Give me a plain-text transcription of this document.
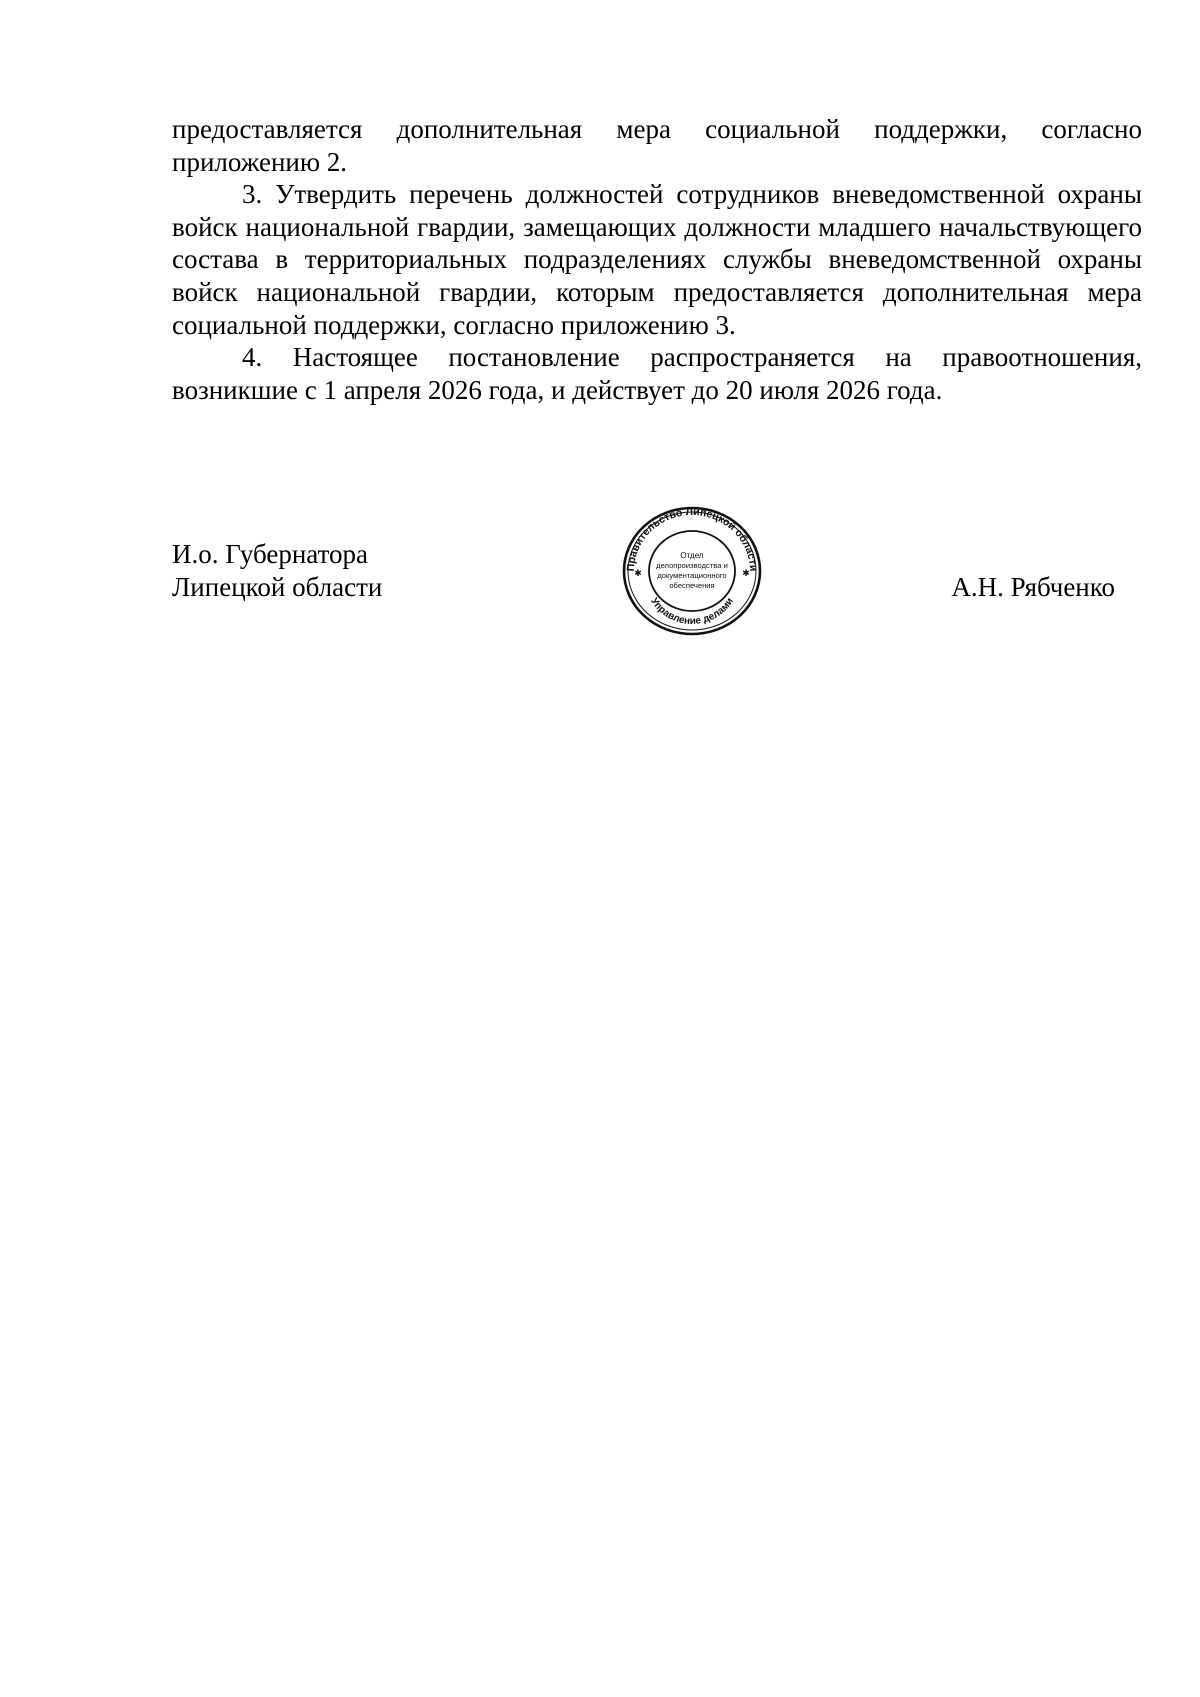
предоставляется дополнительная мера социальной поддержки, согласно приложению 2.

3. Утвердить перечень должностей сотрудников вневедомственной охраны войск национальной гвардии, замещающих должности младшего начальствующего состава в территориальных подразделениях службы вневедомственной охраны войск национальной гвардии, которым предоставляется дополнительная мера социальной поддержки, согласно приложению 3.

4. Настоящее постановление распространяется на правоотношения, возникшие с 1 апреля 2026 года, и действует до 20 июля 2026 года.

И.о. Губернатора
Липецкой области
Правительство Липецкой области
Управление делами
✱	✱
Отдел
делопроизводства и
документационного
обеспечения	А.Н. Рябченко
